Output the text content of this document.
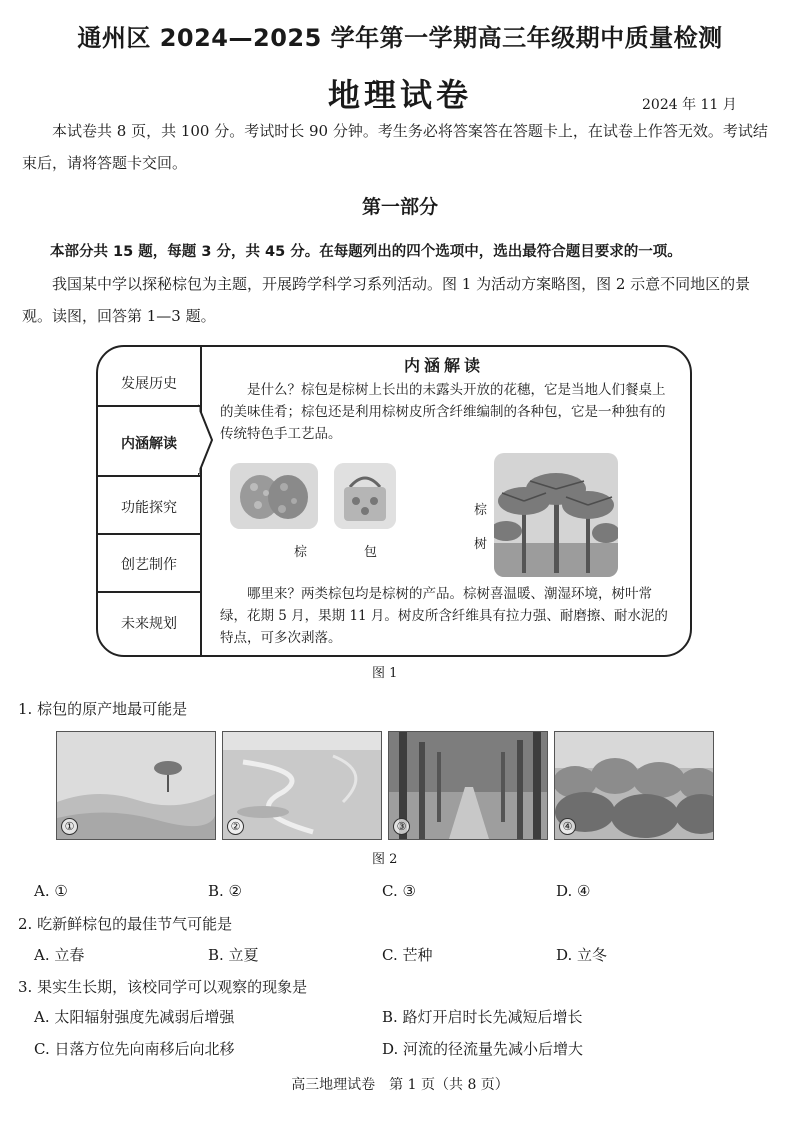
通州区 2024—2025 学年第一学期高三年级期中质量检测
地理试卷	2024 年 11 月
本试卷共 8 页，共 100 分。考试时长 90 分钟。考生务必将答案答在答题卡上，在试卷上作答无效。考试结束后，请将答题卡交回。
第一部分
本部分共 15 题，每题 3 分，共 45 分。在每题列出的四个选项中，选出最符合题目要求的一项。
我国某中学以探秘棕包为主题，开展跨学科学习系列活动。图 1 为活动方案略图，图 2 示意不同地区的景观。读图，回答第 1—3 题。
发展历史
内涵解读
功能探究
创艺制作
未来规划
内涵解读
是什么？棕包是棕树上长出的未露头开放的花穗，它是当地人们餐桌上的美味佳肴；棕包还是利用棕树皮所含纤维编制的各种包，它是一种独有的传统特色手工艺品。
棕	包
棕
树
哪里来？两类棕包均是棕树的产品。棕树喜温暖、潮湿环境，树叶常绿，花期 5 月，果期 11 月。树皮所含纤维具有拉力强、耐磨擦、耐水泥的特点，可多次剥落。
图 1
1. 棕包的原产地最可能是
①	②	③	④
图 2
A. ①	B. ②	C. ③	D. ④
2. 吃新鲜棕包的最佳节气可能是
A. 立春	B. 立夏	C. 芒种	D. 立冬
3. 果实生长期，该校同学可以观察的现象是
A. 太阳辐射强度先减弱后增强	B. 路灯开启时长先减短后增长
C. 日落方位先向南移后向北移	D. 河流的径流量先减小后增大
高三地理试卷　第 1 页（共 8 页）
